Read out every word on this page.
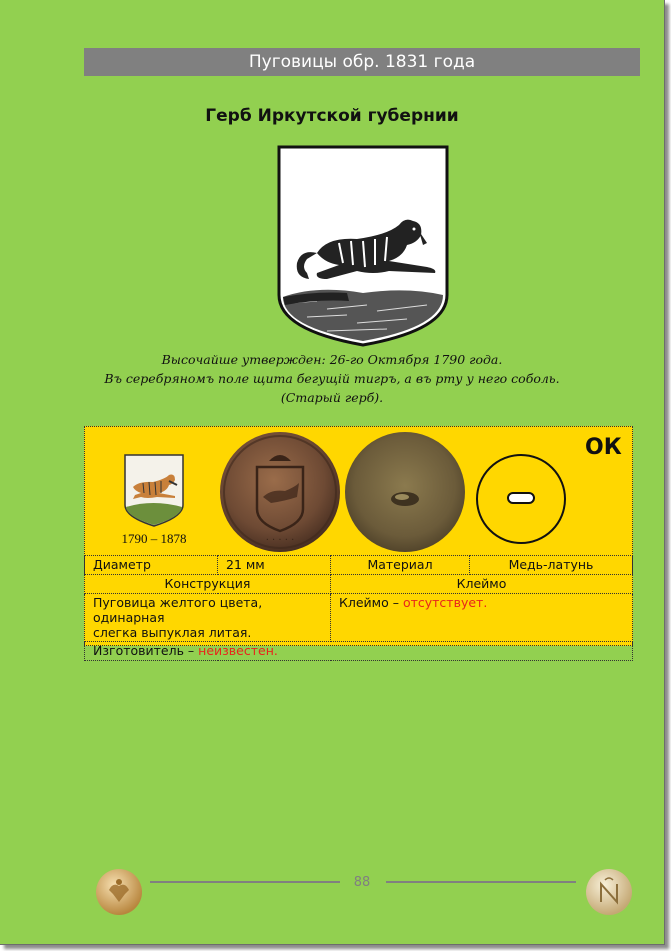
Пуговицы обр. 1831 года
Герб Иркутской губернии
Высочайше утвержден: 26-го Октября 1790 года.
Въ серебряномъ поле щита бегущій тигръ, а въ рту у него соболь.
(Старый герб).
1790 – 1878	· · · · ·
ОК
Диаметр	21 мм	Материал	Медь-латунь
Конструкция		Клеймо	

Пуговица желтого цвета, одинарная
слегка выпуклая литая.		Клеймо – отсутствует.	
Изготовитель – неизвестен.			
88
